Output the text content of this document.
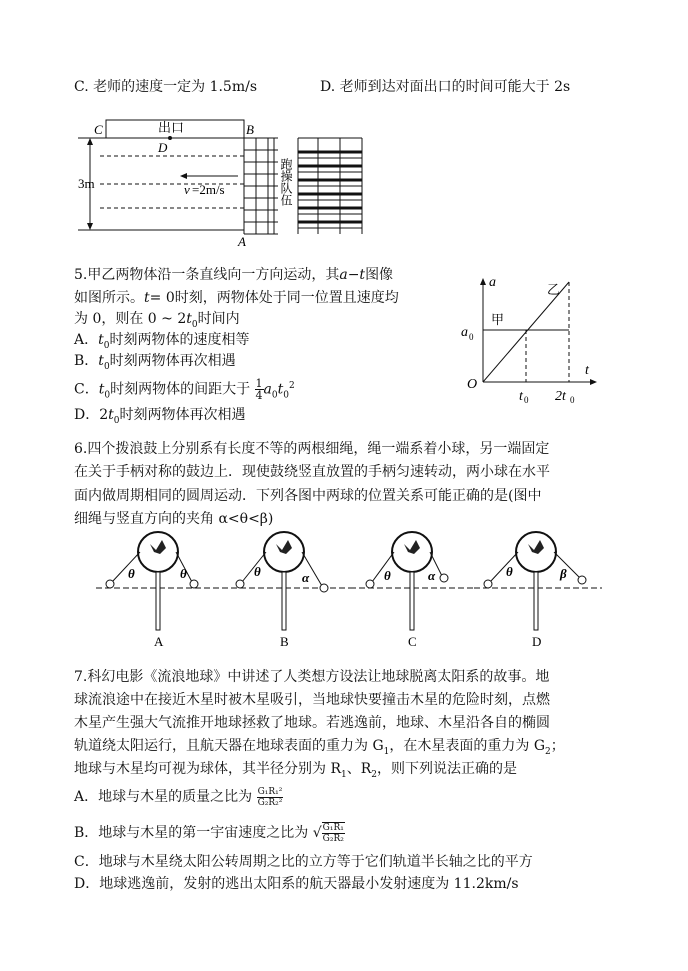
C. 老师的速度一定为 1.5m/s	D. 老师到达对面出口的时间可能大于 2s
C	出口	B
D
3m	v =2m/s
A
跑操队伍
5.甲乙两物体沿一条直线向一方向运动，其a−t图像
如图所示。t= 0时刻，两物体处于同一位置且速度均
为 0，则在 0 ~ $2t_0$时间内
A．$t_0$时刻两物体的速度相等
B．$t_0$时刻两物体再次相遇
C．$t_0$时刻两物体的间距大于 $\frac{1}{4} a_0t_0^2$
D．$2t_0$时刻两物体再次相遇
a
t
O
甲
乙
a 0
t 0 2t 0
6.四个拨浪鼓上分别系有长度不等的两根细绳，绳一端系着小球，另一端固定
在关于手柄对称的鼓边上．现使鼓绕竖直放置的手柄匀速转动，两小球在水平
面内做周期相同的圆周运动．下列各图中两球的位置关系可能正确的是(图中
细绳与竖直方向的夹角 α<θ<β)
θ	θ
A
θ	α
B
θ	α
C
θ	β
D
7.科幻电影《流浪地球》中讲述了人类想方设法让地球脱离太阳系的故事。地
球流浪途中在接近木星时被木星吸引，当地球快要撞击木星的危险时刻，点燃
木星产生强大气流推开地球拯救了地球。若逃逸前，地球、木星沿各自的椭圆
轨道绕太阳运行，且航天器在地球表面的重力为 $G_1$，在木星表面的重力为 $G_2$；
地球与木星均可视为球体，其半径分别为 $R_1$、$R_2$，则下列说法正确的是
A．地球与木星的质量之比为 $\frac{\text{G₁R₁²}}{\text{G₂R₂²}}$
B．地球与木星的第一宇宙速度之比为 √ $\frac{\text{G₁R₁}}{\text{G₂R₂}}$
C．地球与木星绕太阳公转周期之比的立方等于它们轨道半长轴之比的平方
D．地球逃逸前，发射的逃出太阳系的航天器最小发射速度为 11.2km/s
